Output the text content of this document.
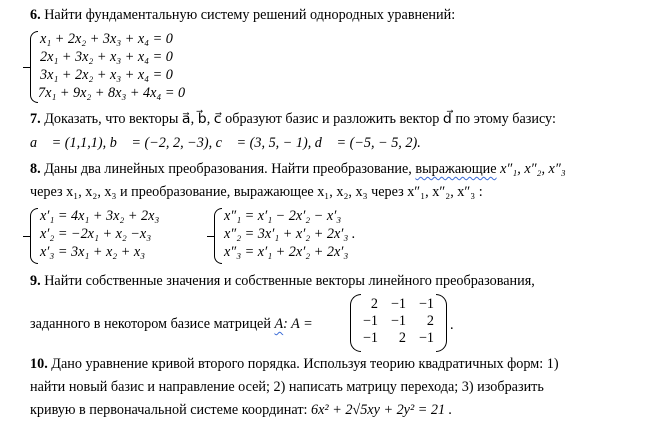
6. Найти фундаментальную систему решений однородных уравнений:
x₁ + 2x₂ + 3x₃ + x₄ = 0
2x₁ + 3x₂ + x₃ + x₄ = 0
3x₁ + 2x₂ + x₃ + x₄ = 0
7x₁ + 9x₂ + 8x₃ + 4x₄ = 0
7. Доказать, что векторы a⃗, b⃗, c⃗ образуют базис и разложить вектор d⃗ по этому базису:
a⃗ = (1,1,1), b⃗ = (−2, 2, −3), c⃗ = (3, 5, − 1), d⃗ = (−5, − 5, 2).
8. Даны два линейных преобразования. Найти преобразование, выражающие x″₁, x″₂, x″₃
через x₁, x₂, x₃ и преобразование, выражающее x₁, x₂, x₃ через x″₁, x″₂, x″₃ :
x′₁ = 4x₁ + 3x₂ + 2x₃
x′₂ = −2x₁ + x₂ −x₃
x′₃ = 3x₁ + x₂ + x₃
x″₁ = x′₁ − 2x′₂ − x′₃
x″₂ = 3x′₁ + x′₂ + 2x′₃ .
x″₃ = x′₁ + 2x′₂ + 2x′₃
9. Найти собственные значения и собственные векторы линейного преобразования,
заданного в некотором базисе матрицей A: A =
2 −1 −1
−1 −1	2
−1	2 −1
.
10. Дано уравнение кривой второго порядка. Используя теорию квадратичных форм: 1)
найти новый базис и направление осей; 2) написать матрицу перехода; 3) изобразить
кривую в первоначальной системе координат: 6x² + 2√5xy + 2y² = 21 .
